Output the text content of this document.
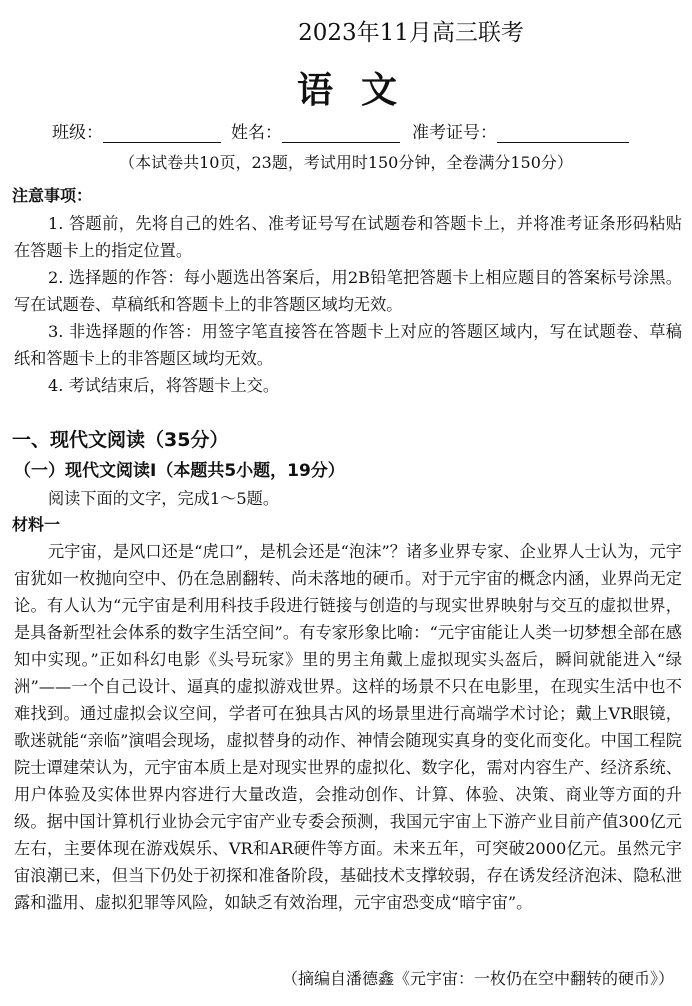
2023年11月高三联考
语文
班级：	姓名：	准考证号：
（本试卷共10页，23题，考试用时150分钟，全卷满分150分）
注意事项：

1. 答题前，先将自己的姓名、准考证号写在试题卷和答题卡上，并将准考证条形码粘贴在答题卡上的指定位置。

2. 选择题的作答：每小题选出答案后，用2B铅笔把答题卡上相应题目的答案标号涂黑。写在试题卷、草稿纸和答题卡上的非答题区域均无效。

3. 非选择题的作答：用签字笔直接答在答题卡上对应的答题区域内，写在试题卷、草稿纸和答题卡上的非答题区域均无效。

4. 考试结束后，将答题卡上交。

一、现代文阅读（35分）
（一）现代文阅读Ⅰ（本题共5小题，19分）
阅读下面的文字，完成1～5题。
材料一

元宇宙，是风口还是“虎口”，是机会还是“泡沫”？诸多业界专家、企业界人士认为，元宇宙犹如一枚抛向空中、仍在急剧翻转、尚未落地的硬币。对于元宇宙的概念内涵，业界尚无定论。有人认为“元宇宙是利用科技手段进行链接与创造的与现实世界映射与交互的虚拟世界，是具备新型社会体系的数字生活空间”。有专家形象比喻：“元宇宙能让人类一切梦想全部在感知中实现。”正如科幻电影《头号玩家》里的男主角戴上虚拟现实头盔后，瞬间就能进入“绿洲”——一个自己设计、逼真的虚拟游戏世界。这样的场景不只在电影里，在现实生活中也不难找到。通过虚拟会议空间，学者可在独具古风的场景里进行高端学术讨论；戴上VR眼镜，歌迷就能“亲临”演唱会现场，虚拟替身的动作、神情会随现实真身的变化而变化。中国工程院院士谭建荣认为，元宇宙本质上是对现实世界的虚拟化、数字化，需对内容生产、经济系统、用户体验及实体世界内容进行大量改造，会推动创作、计算、体验、决策、商业等方面的升级。据中国计算机行业协会元宇宙产业专委会预测，我国元宇宙上下游产业目前产值300亿元左右，主要体现在游戏娱乐、VR和AR硬件等方面。未来五年，可突破2000亿元。虽然元宇宙浪潮已来，但当下仍处于初探和准备阶段，基础技术支撑较弱，存在诱发经济泡沫、隐私泄露和滥用、虚拟犯罪等风险，如缺乏有效治理，元宇宙恐变成“暗宇宙”。

（摘编自潘德鑫《元宇宙：一枚仍在空中翻转的硬币》）
